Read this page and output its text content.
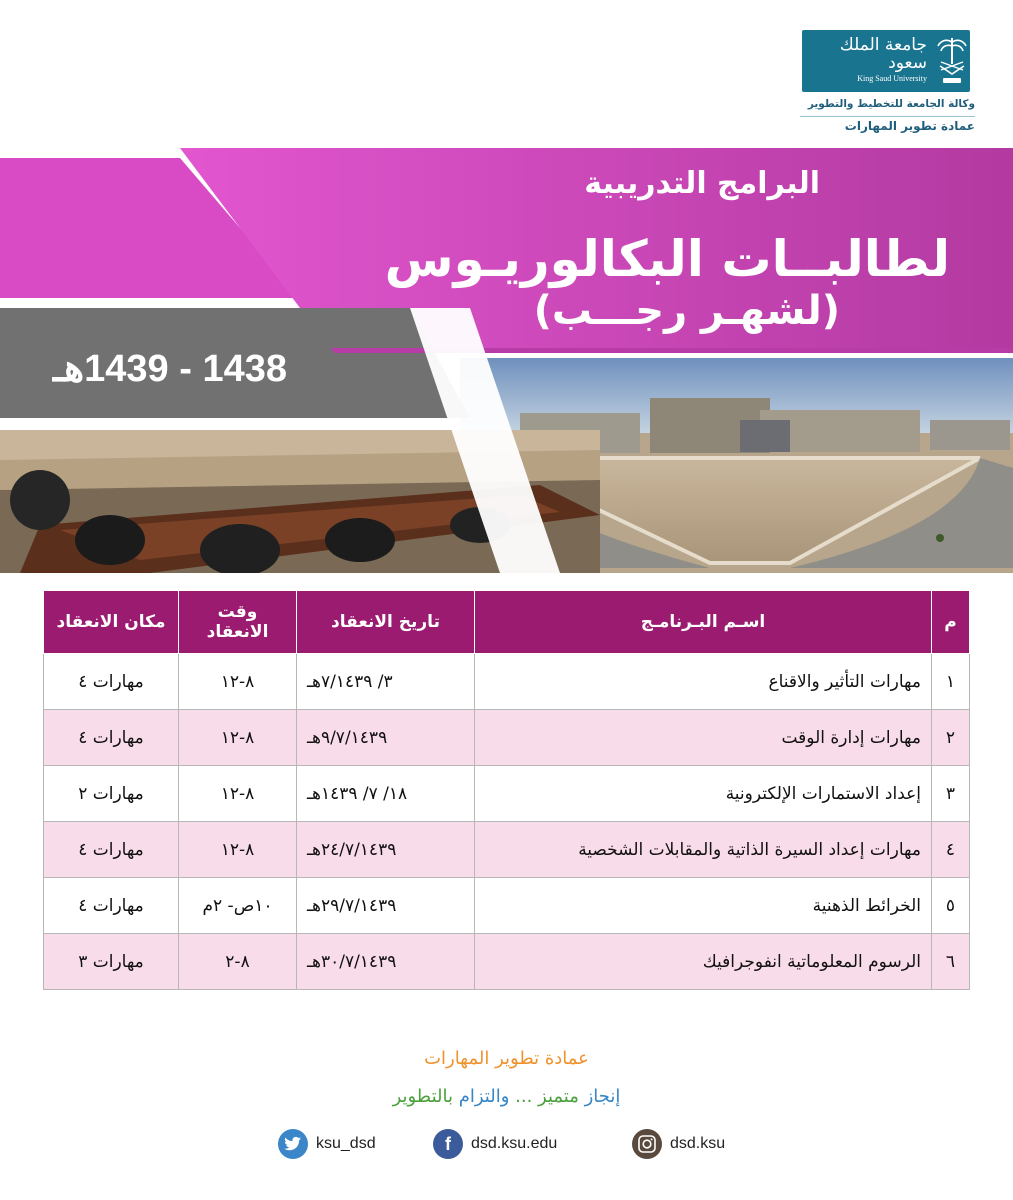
جامعة الملك سعود
King Saud University
وكالة الجامعة للتخطيط والتطوير
عمادة تطوير المهارات
البرامج التدريبية
لطالبــات البكالوريـوس
(لشهـر رجـــب)
1438 - 1439هـ
م	اسـم البـرنامـج	تاريخ الانعقاد	وقت الانعقاد	مكان الانعقاد
١	مهارات التأثير والاقناع	٣/ ٧/١٤٣٩هـ	٨-١٢	مهارات ٤
٢	مهارات إدارة الوقت	٩/٧/١٤٣٩هـ	٨-١٢	مهارات ٤
٣	إعداد الاستمارات الإلكترونية	١٨/ ٧/ ١٤٣٩هـ	٨-١٢	مهارات ٢
٤	مهارات إعداد السيرة الذاتية والمقابلات الشخصية	٢٤/٧/١٤٣٩هـ	٨-١٢	مهارات ٤
٥	الخرائط الذهنية	٢٩/٧/١٤٣٩هـ	١٠ص- ٢م	مهارات ٤
٦	الرسوم المعلوماتية انفوجرافيك	٣٠/٧/١٤٣٩هـ	٨-٢	مهارات ٣
عمادة تطوير المهارات
إنجاز متميز ... والتزام بالتطوير
ksu_dsd	f	dsd.ksu.edu	dsd.ksu
